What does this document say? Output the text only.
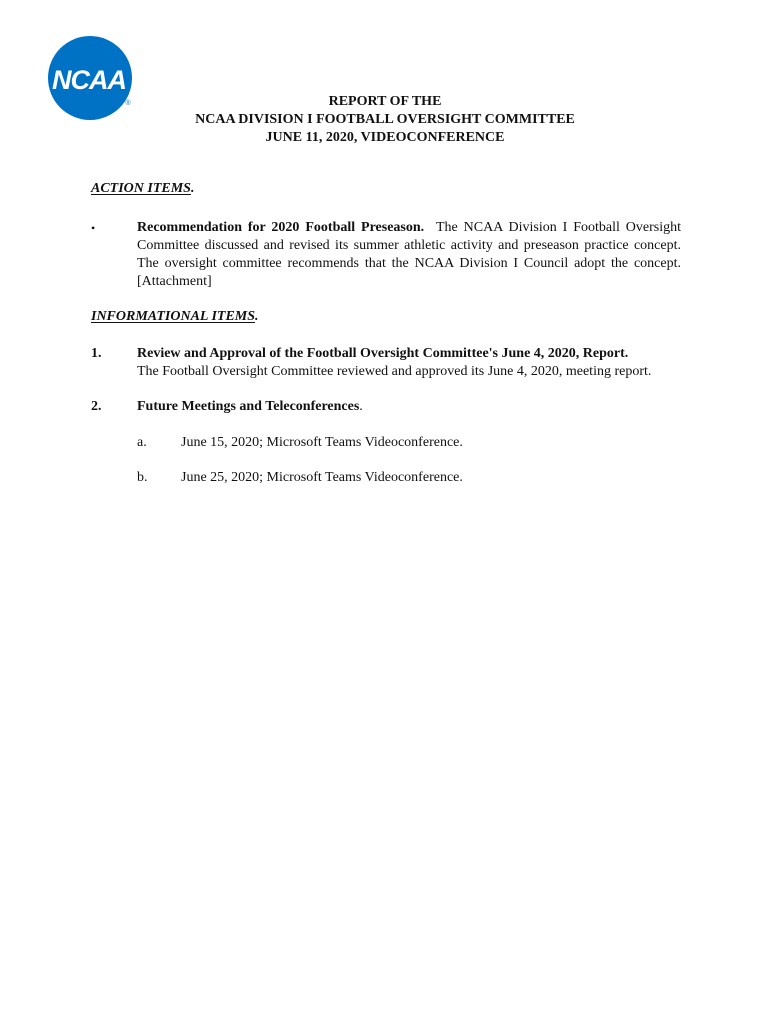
NCAA
®	REPORT OF THE
NCAA DIVISION I FOOTBALL OVERSIGHT COMMITTEE
JUNE 11, 2020, VIDEOCONFERENCE
ACTION ITEMS.
•	Recommendation for 2020 Football Preseason. The NCAA Division I Football Oversight Committee discussed and revised its summer athletic activity and preseason practice concept. The oversight committee recommends that the NCAA Division I Council adopt the concept. [Attachment]
INFORMATIONAL ITEMS.
1.	Review and Approval of the Football Oversight Committee's June 4, 2020, Report.
The Football Oversight Committee reviewed and approved its June 4, 2020, meeting report.
2.	Future Meetings and Teleconferences.
a. June 15, 2020; Microsoft Teams Videoconference.
b. June 25, 2020; Microsoft Teams Videoconference.
